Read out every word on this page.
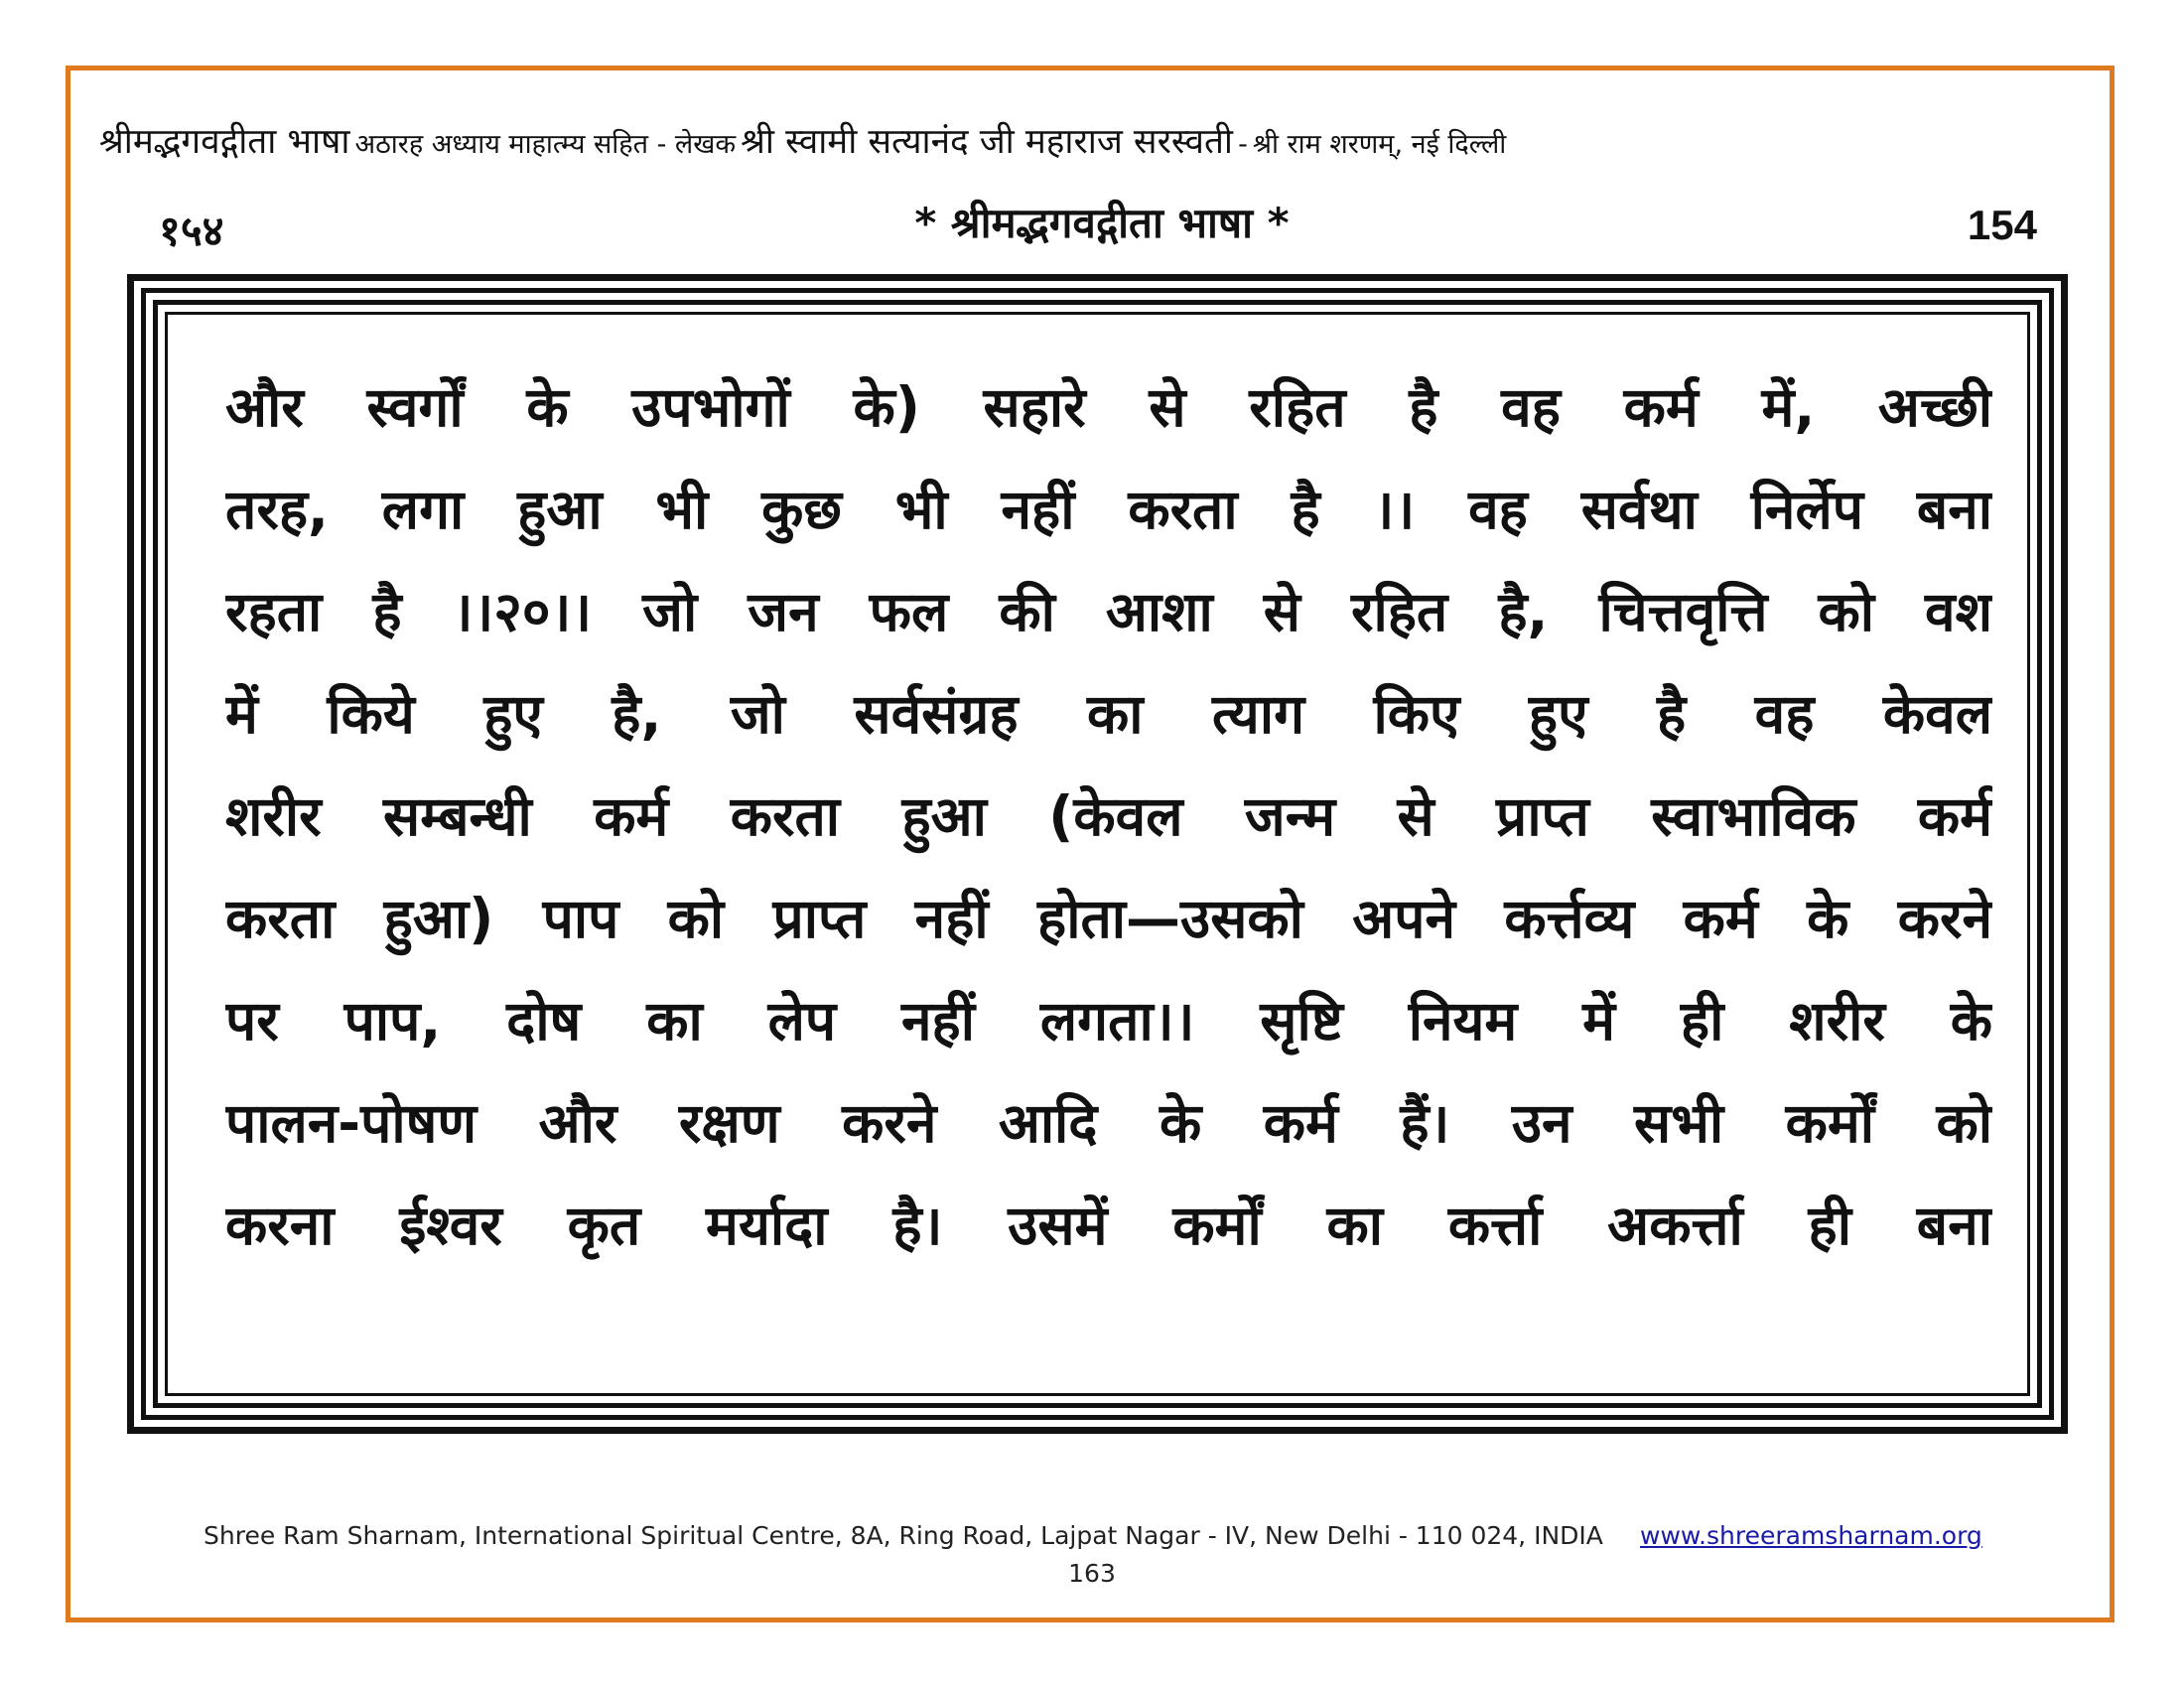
श्रीमद्भगवद्गीता भाषा अठारह अध्याय माहात्म्य सहित - लेखक श्री स्वामी सत्यानंद जी महाराज सरस्वती - श्री राम शरणम्, नई दिल्ली
१५४	* श्रीमद्भगवद्गीता भाषा *	154
और स्वर्गों के उपभोगों के) सहारे से रहित है वह कर्म में, अच्छी
तरह, लगा हुआ भी कुछ भी नहीं करता है ।। वह सर्वथा निर्लेप बना
रहता है ।।२०।। जो जन फल की आशा से रहित है, चित्तवृत्ति को वश
में किये हुए है, जो सर्वसंग्रह का त्याग किए हुए है वह केवल
शरीर सम्बन्धी कर्म करता हुआ (केवल जन्म से प्राप्त स्वाभाविक कर्म
करता हुआ) पाप को प्राप्त नहीं होता—उसको अपने कर्त्तव्य कर्म के करने
पर पाप, दोष का लेप नहीं लगता।। सृष्टि नियम में ही शरीर के
पालन-पोषण और रक्षण करने आदि के कर्म हैं। उन सभी कर्मों को
करना ईश्वर कृत मर्यादा है। उसमें कर्मों का कर्त्ता अकर्त्ता ही बना
Shree Ram Sharnam, International Spiritual Centre, 8A, Ring Road, Lajpat Nagar - IV, New Delhi - 110 024, INDIA www.shreeramsharnam.org
163
